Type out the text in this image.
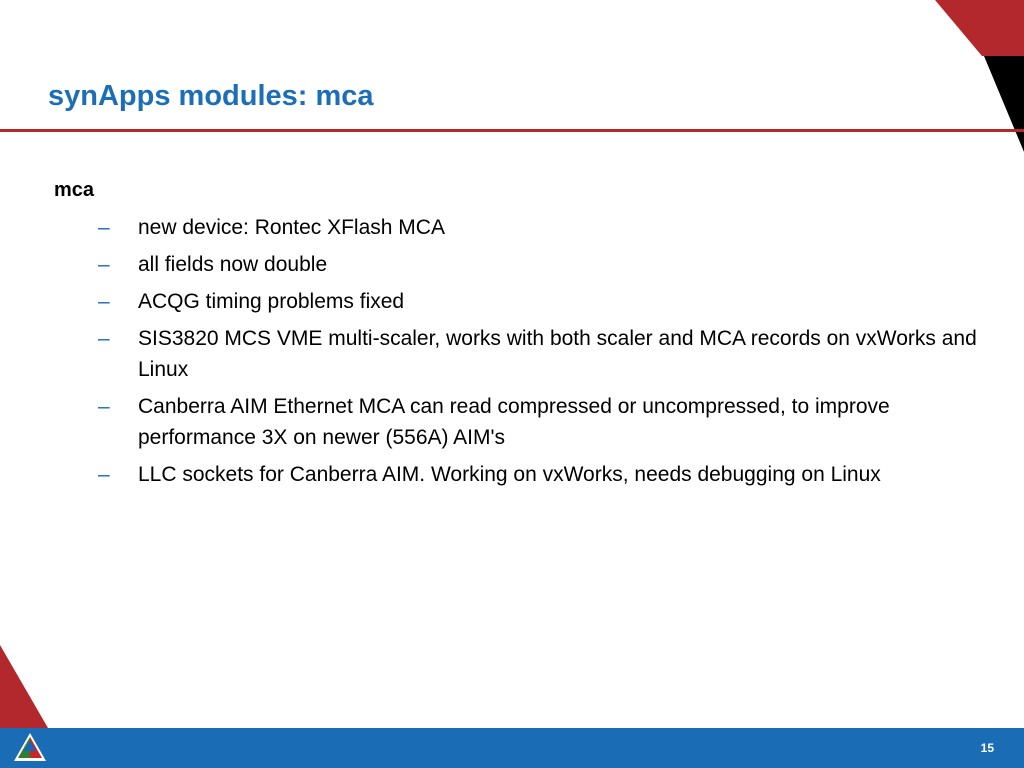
synApps modules: mca
mca
– new device: Rontec XFlash MCA
– all fields now double
– ACQG timing problems fixed
– SIS3820 MCS VME multi-scaler, works with both scaler and MCA records on vxWorks and Linux
– Canberra AIM Ethernet MCA can read compressed or uncompressed, to improve performance 3X on newer (556A) AIM's
– LLC sockets for Canberra AIM. Working on vxWorks, needs debugging on Linux
15
